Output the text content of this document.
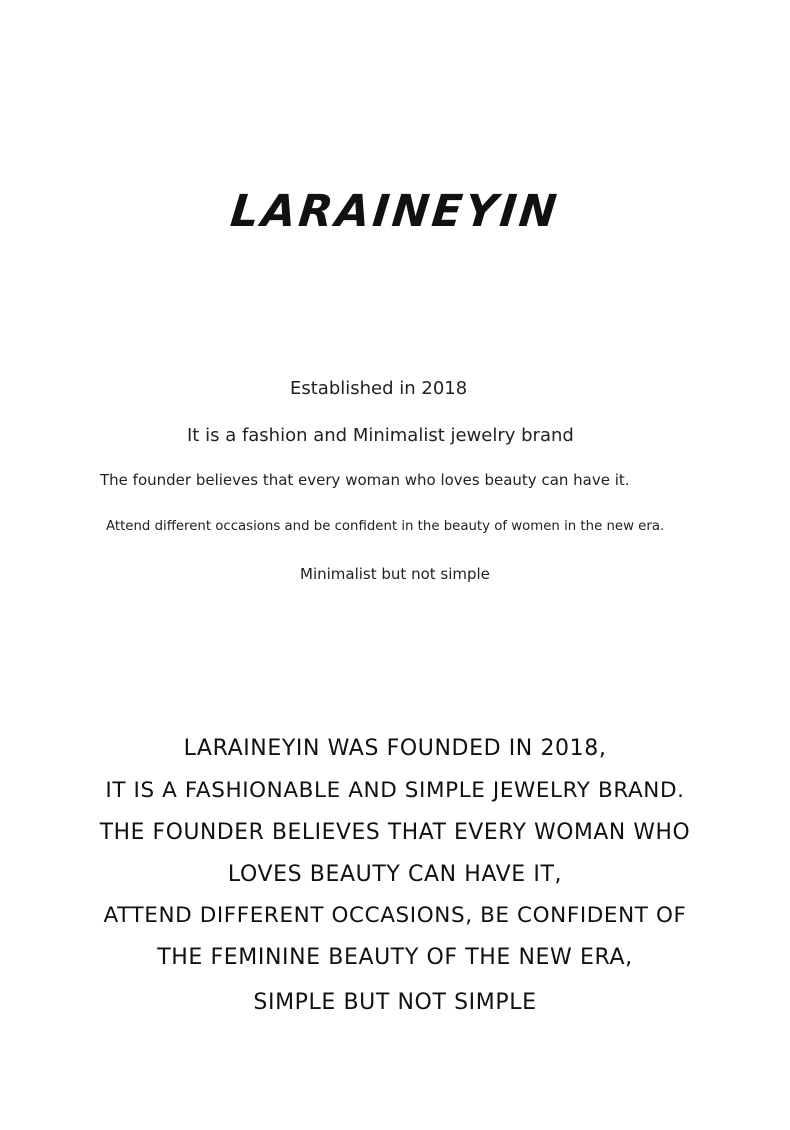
LARAINEYIN
Established in 2018
It is a fashion and Minimalist jewelry brand
The founder believes that every woman who loves beauty can have it.
Attend different occasions and be confident in the beauty of women in the new era.
Minimalist but not simple
LARAINEYIN WAS FOUNDED IN 2018,
IT IS A FASHIONABLE AND SIMPLE JEWELRY BRAND.
THE FOUNDER BELIEVES THAT EVERY WOMAN WHO
LOVES BEAUTY CAN HAVE IT,
ATTEND DIFFERENT OCCASIONS, BE CONFIDENT OF
THE FEMININE BEAUTY OF THE NEW ERA,
SIMPLE BUT NOT SIMPLE
